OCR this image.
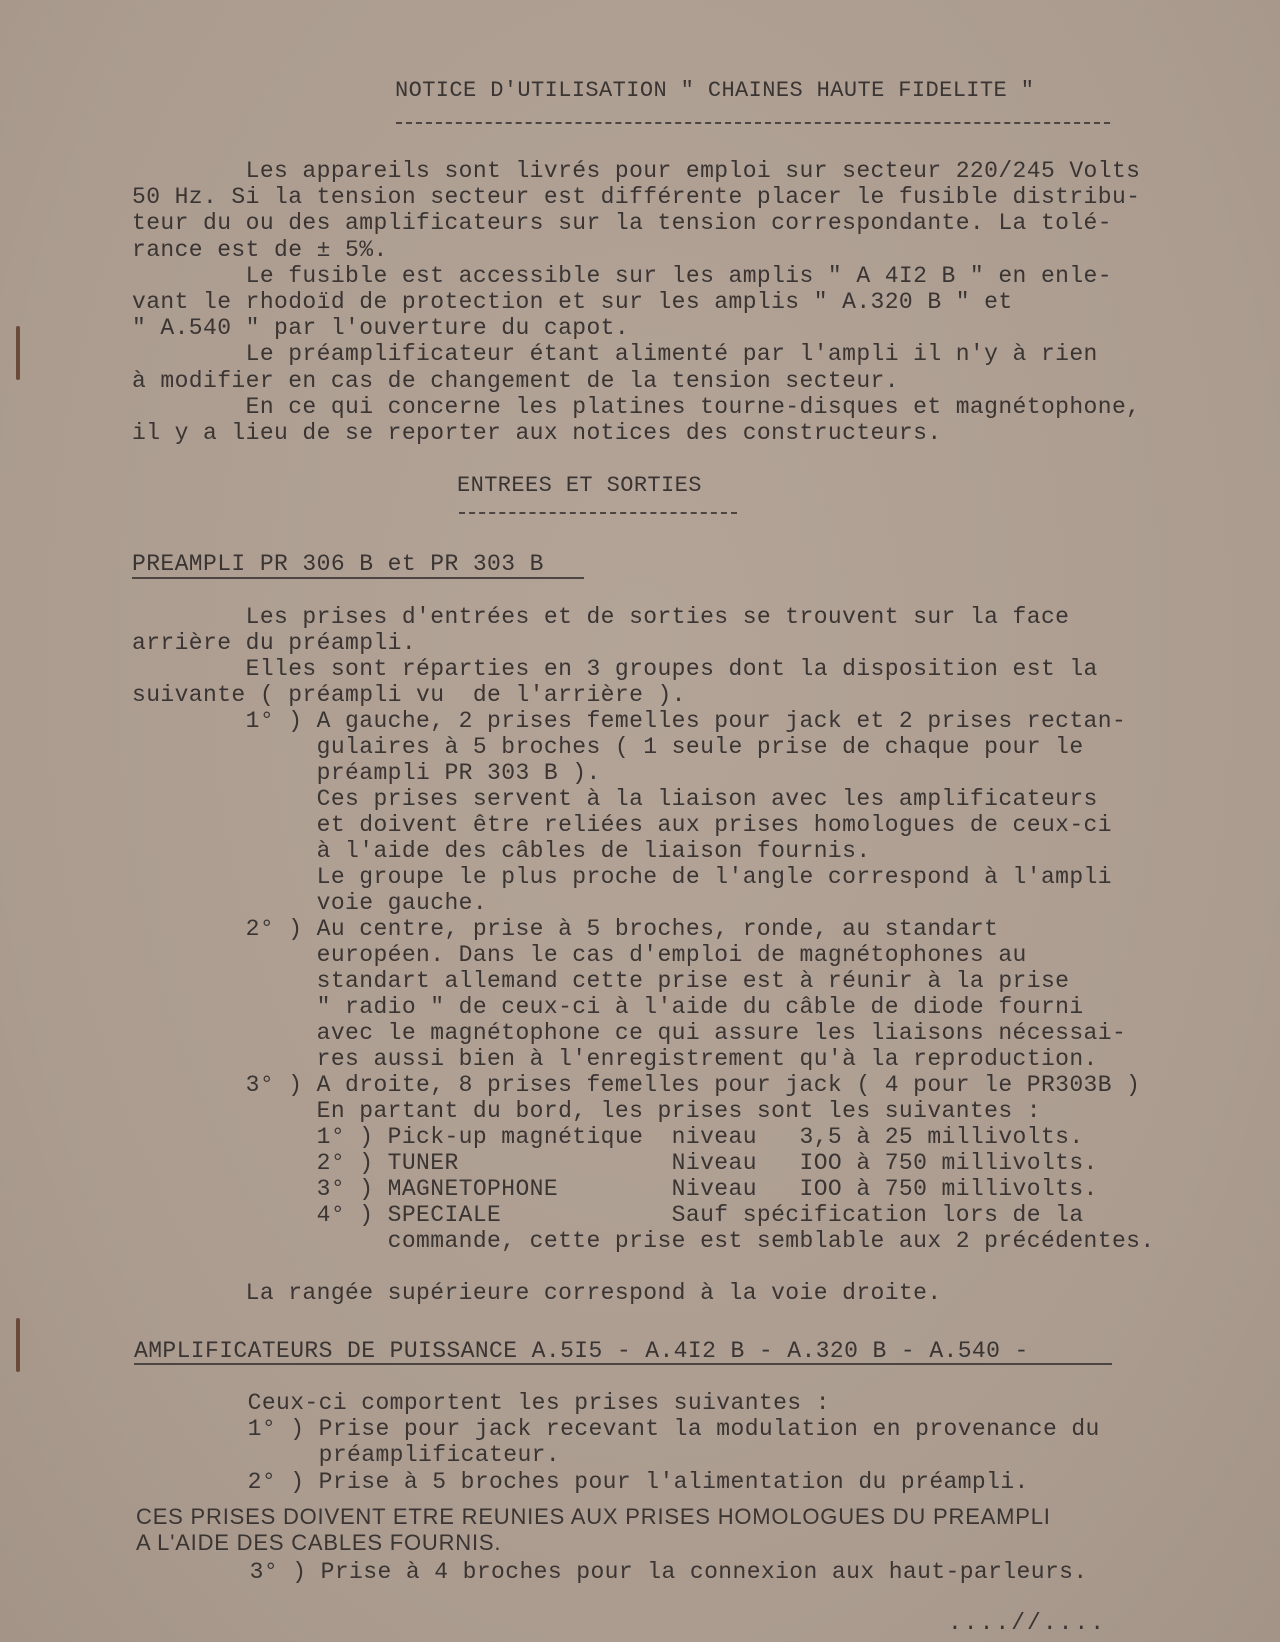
NOTICE D'UTILISATION " CHAINES HAUTE FIDELITE "
Les appareils sont livrés pour emploi sur secteur 220/245 Volts
50 Hz. Si la tension secteur est différente placer le fusible distribu-
teur du ou des amplificateurs sur la tension correspondante. La tolé-
rance est de ± 5%.
Le fusible est accessible sur les amplis " A 4I2 B " en enle-
vant le rhodoïd de protection et sur les amplis " A.320 B " et
" A.540 " par l'ouverture du capot.
Le préamplificateur étant alimenté par l'ampli il n'y à rien
à modifier en cas de changement de la tension secteur.
En ce qui concerne les platines tourne-disques et magnétophone,
il y a lieu de se reporter aux notices des constructeurs.
ENTREES ET SORTIES
PREAMPLI PR 306 B et PR 303 B
Les prises d'entrées et de sorties se trouvent sur la face
arrière du préampli.
Elles sont réparties en 3 groupes dont la disposition est la
suivante ( préampli vu  de l'arrière ).
1° ) A gauche, 2 prises femelles pour jack et 2 prises rectan-
gulaires à 5 broches ( 1 seule prise de chaque pour le
préampli PR 303 B ).
Ces prises servent à la liaison avec les amplificateurs
et doivent être reliées aux prises homologues de ceux-ci
à l'aide des câbles de liaison fournis.
Le groupe le plus proche de l'angle correspond à l'ampli
voie gauche.
2° ) Au centre, prise à 5 broches, ronde, au standart
européen. Dans le cas d'emploi de magnétophones au
standart allemand cette prise est à réunir à la prise
" radio " de ceux-ci à l'aide du câble de diode fourni
avec le magnétophone ce qui assure les liaisons nécessai-
res aussi bien à l'enregistrement qu'à la reproduction.
3° ) A droite, 8 prises femelles pour jack ( 4 pour le PR303B )
En partant du bord, les prises sont les suivantes :
1° ) Pick-up magnétique  niveau   3,5 à 25 millivolts.
2° ) TUNER               Niveau   IOO à 750 millivolts.
3° ) MAGNETOPHONE        Niveau   IOO à 750 millivolts.
4° ) SPECIALE            Sauf spécification lors de la
commande, cette prise est semblable aux 2 précédentes.
La rangée supérieure correspond à la voie droite.
AMPLIFICATEURS DE PUISSANCE A.5I5 - A.4I2 B - A.320 B - A.540 -
Ceux-ci comportent les prises suivantes :
1° ) Prise pour jack recevant la modulation en provenance du
préamplificateur.
2° ) Prise à 5 broches pour l'alimentation du préampli.
CES PRISES DOIVENT ETRE REUNIES AUX PRISES HOMOLOGUES DU PREAMPLI
A L'AIDE DES CABLES FOURNIS.
3° ) Prise à 4 broches pour la connexion aux haut-parleurs.
....//....
